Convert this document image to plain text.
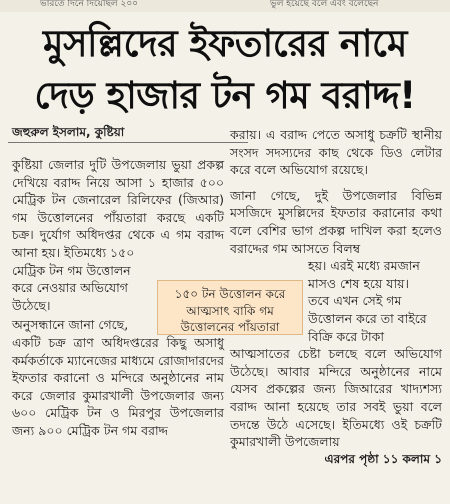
ভারতে দিনে দিয়েছিল ২০০	ভুল হয়েছে বলে এবং বলেছেন
মুসল্লিদের ইফতারের নামে
দেড় হাজার টন গম বরাদ্দ!
জহুরুল ইসলাম, কুষ্টিয়া

কুষ্টিয়া জেলার দুটি উপজেলায় ভুয়া প্রকল্প দেখিয়ে বরাদ্দ নিয়ে আসা ১ হাজার ৫০০ মেট্রিক টন জেনারেল রিলিফের (জিআর) গম উত্তোলনের পাঁয়তারা করছে একটি চক্র। দুর্যোগ অধিদপ্তর থেকে এ গম বরাদ্দ আনা হয়। ইতিমধ্যে ১৫০

মেট্রিক টন গম উত্তোলন
করে নেওয়ার অভিযোগ
উঠেছে।
অনুসন্ধানে জানা গেছে,

একটি চক্র ত্রাণ অধিদপ্তরের কিছু অসাধু কর্মকর্তাকে ম্যানেজের মাধ্যমে রোজাদারদের ইফতার করানো ও মন্দিরে অনুষ্ঠানের নাম করে জেলার কুমারখালী উপজেলার জন্য ৬০০ মেট্রিক টন ও মিরপুর উপজেলার জন্য ৯০০ মেট্রিক টন গম বরাদ্দ

করায়। এ বরাদ্দ পেতে অসাধু চক্রটি স্থানীয় সংসদ সদস্যদের কাছ থেকে ডিও লেটার করে বলে অভিযোগ রয়েছে।

জানা গেছে, দুই উপজেলার বিভিন্ন মসজিদে মুসল্লিদের ইফতার করানোর কথা বলে বেশির ভাগ প্রকল্প দাখিল করা হলেও বরাদ্দের গম আসতে বিলম্ব

হয়। এরই মধ্যে রমজান
মাসও শেষ হয়ে যায়।
তবে এখন সেই গম
উত্তোলন করে তা বাইরে
বিক্রি করে টাকা

আত্মসাতের চেষ্টা চলছে বলে অভিযোগ উঠেছে। আবার মন্দিরে অনুষ্ঠানের নামে যেসব প্রকল্পের জন্য জিআরের খাদ্যশস্য বরাদ্দ আনা হয়েছে তার সবই ভুয়া বলে তদন্তে উঠে এসেছে। ইতিমধ্যে ওই চক্রটি কুমারখালী উপজেলায়

এরপর পৃষ্ঠা ১১ কলাম ১
১৫০ টন উত্তোলন করে আত্মসাৎ বাকি গম উত্তোলনের পাঁয়তারা
